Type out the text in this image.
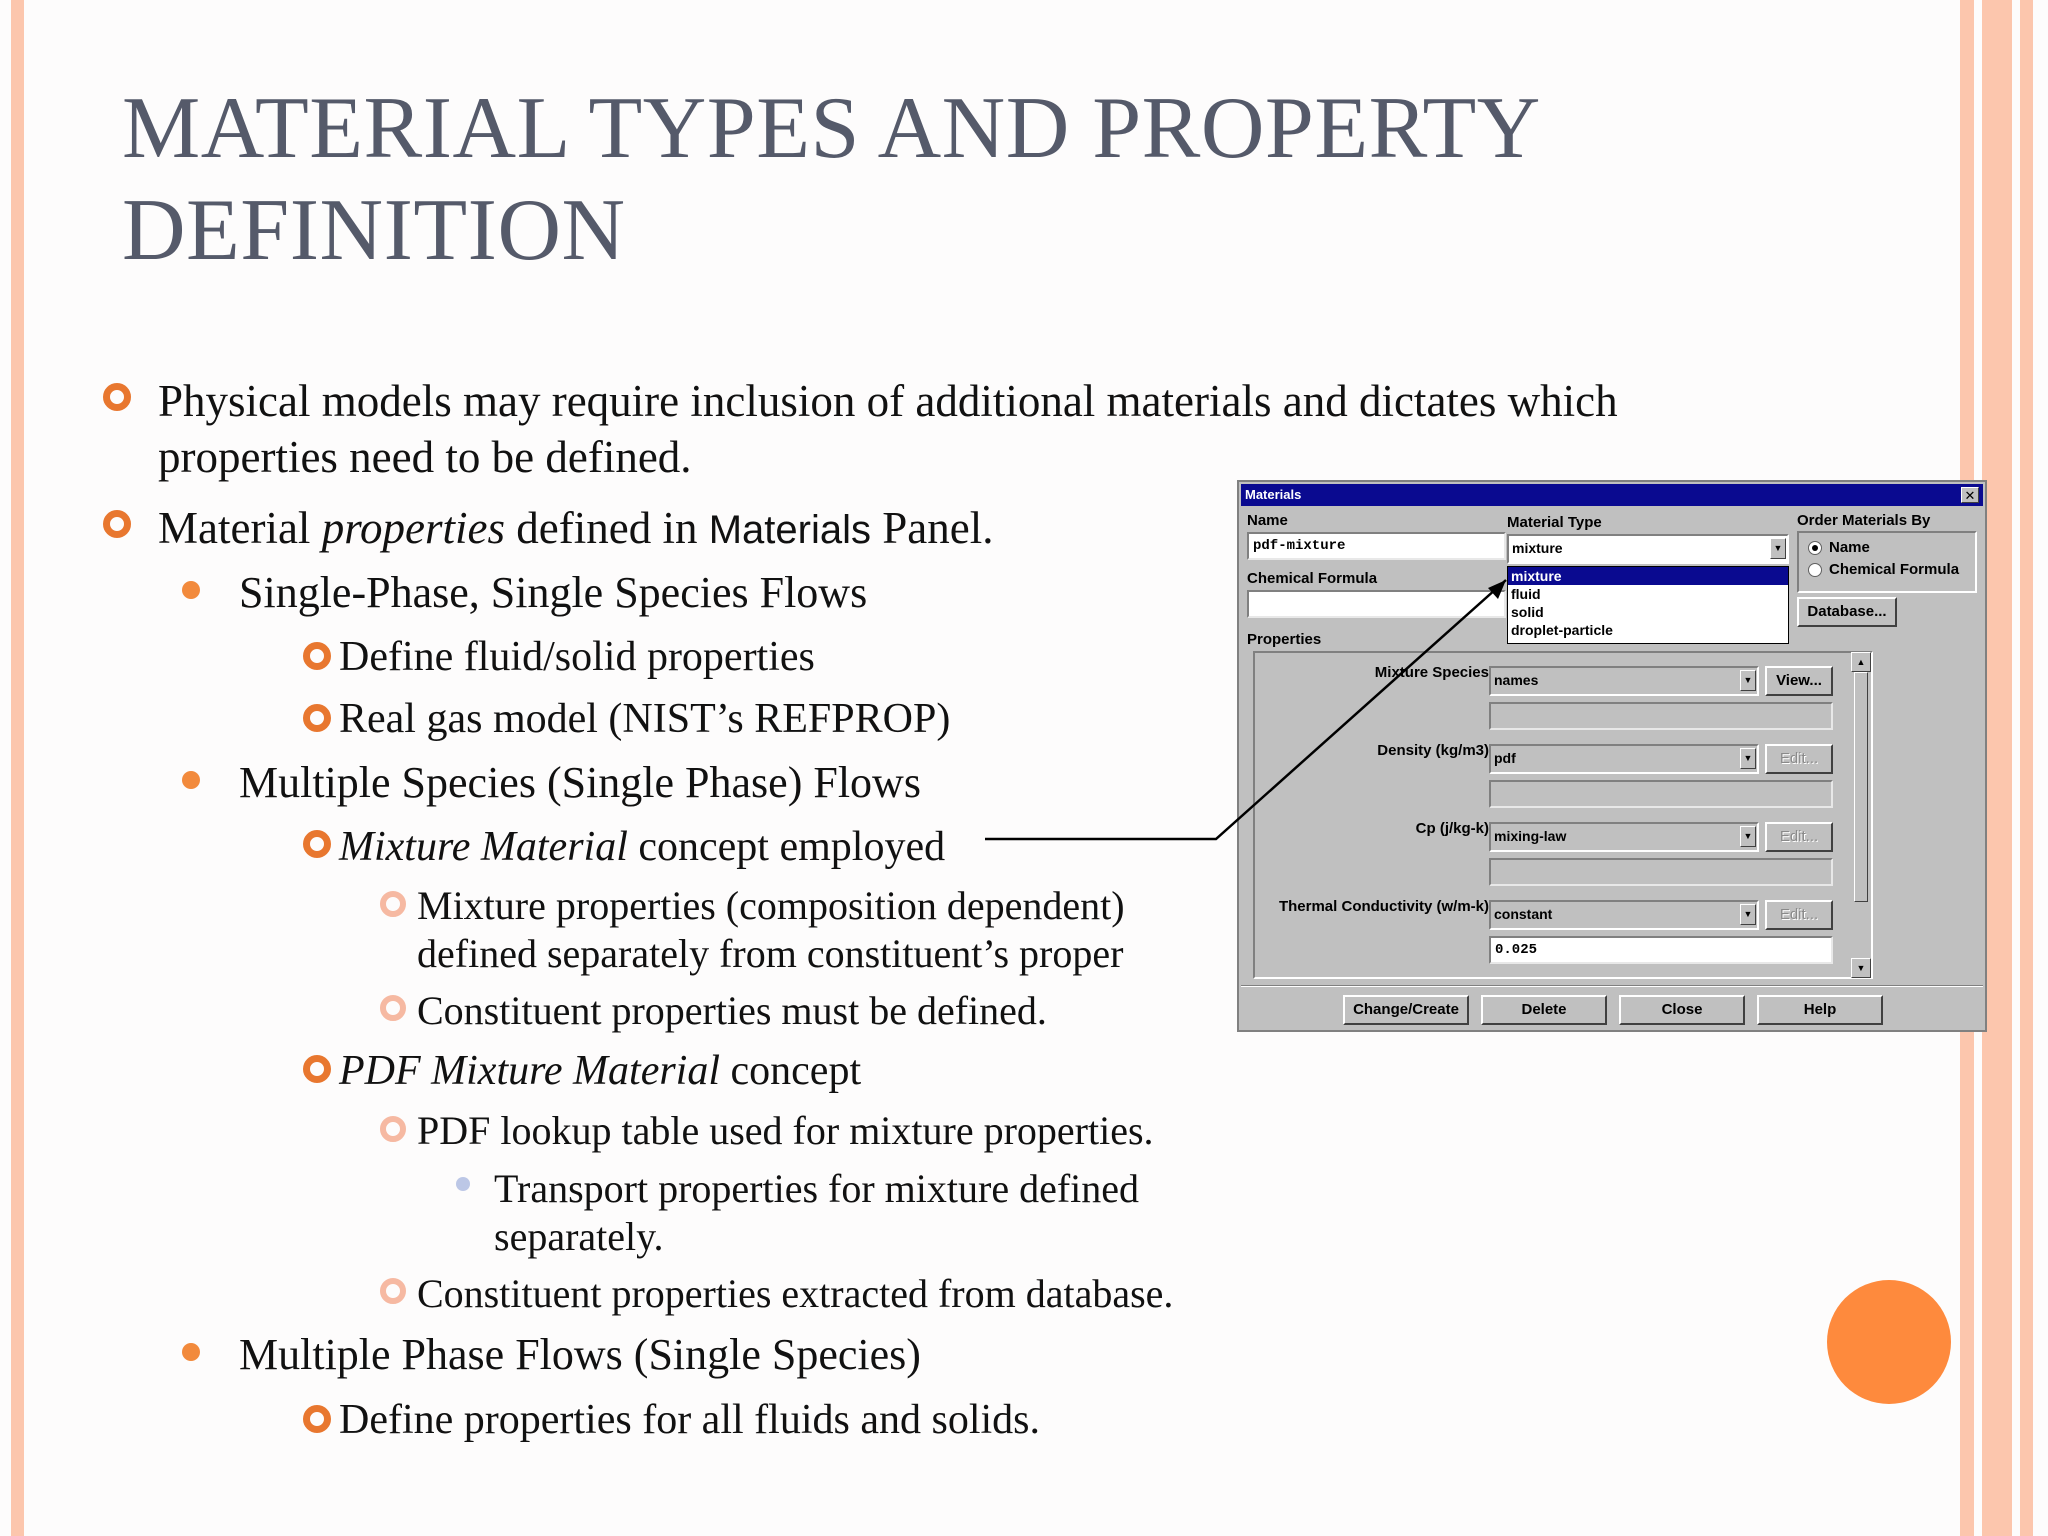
MATERIAL TYPES AND PROPERTY
DEFINITION
Physical models may require inclusion of additional materials and dictates which
properties need to be defined.
Material properties defined in Materials Panel.
Single-Phase, Single Species Flows
Define fluid/solid properties
Real gas model (NIST’s REFPROP)
Multiple Species (Single Phase) Flows
Mixture Material concept employed
Mixture properties (composition dependent)
defined separately from constituent’s proper
Constituent properties must be defined.
PDF Mixture Material concept
PDF lookup table used for mixture properties.
Transport properties for mixture defined
separately.
Constituent properties extracted from database.
Multiple Phase Flows (Single Species)
Define properties for all fluids and solids.
Materials	✕
Name
pdf-mixture
Chemical Formula
Material Type
mixture	▼
mixture
fluid
solid
droplet-particle
Order Materials By
Name
Chemical Formula
Database...
Properties
Mixture Species names	▼	View...
Density (kg/m3) pdf	▼	Edit...
Cp (j/kg-k) mixing-law	▼	Edit...
Thermal Conductivity (w/m-k) constant	▼	Edit...
0.025
▲
▼
Change/Create	Delete	Close	Help
